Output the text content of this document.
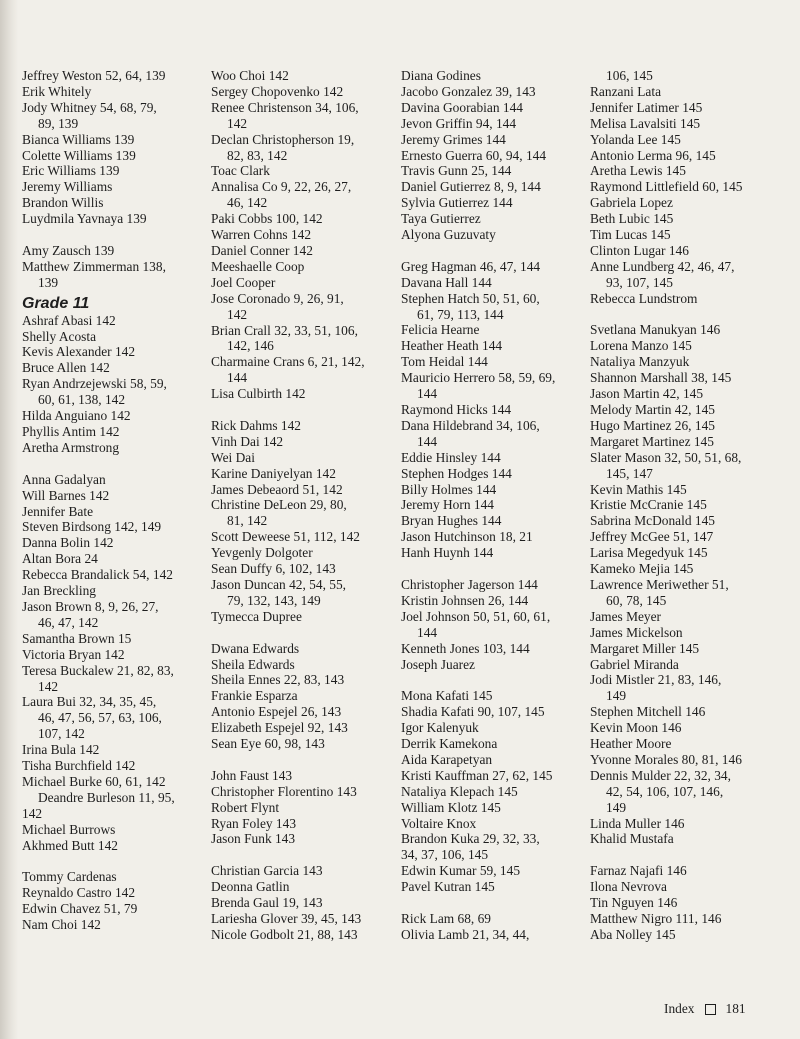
Jeffrey Weston 52, 64, 139
Erik Whitely
Jody Whitney 54, 68, 79,
89, 139
Bianca Williams 139
Colette Williams 139
Eric Williams 139
Jeremy Williams
Brandon Willis
Luydmila Yavnaya 139
Amy Zausch 139
Matthew Zimmerman 138,
139
Grade 11
Ashraf Abasi 142
Shelly Acosta
Kevis Alexander 142
Bruce Allen 142
Ryan Andrzejewski 58, 59,
60, 61, 138, 142
Hilda Anguiano 142
Phyllis Antim 142
Aretha Armstrong
Anna Gadalyan
Will Barnes 142
Jennifer Bate
Steven Birdsong 142, 149
Danna Bolin 142
Altan Bora 24
Rebecca Brandalick 54, 142
Jan Breckling
Jason Brown 8, 9, 26, 27,
46, 47, 142
Samantha Brown 15
Victoria Bryan 142
Teresa Buckalew 21, 82, 83,
142
Laura Bui 32, 34, 35, 45,
46, 47, 56, 57, 63, 106,
107, 142
Irina Bula 142
Tisha Burchfield 142
Michael Burke 60, 61, 142
Deandre Burleson 11, 95,
142
Michael Burrows
Akhmed Butt 142
Tommy Cardenas
Reynaldo Castro 142
Edwin Chavez 51, 79
Nam Choi 142
Woo Choi 142
Sergey Chopovenko 142
Renee Christenson 34, 106,
142
Declan Christopherson 19,
82, 83, 142
Toac Clark
Annalisa Co 9, 22, 26, 27,
46, 142
Paki Cobbs 100, 142
Warren Cohns 142
Daniel Conner 142
Meeshaelle Coop
Joel Cooper
Jose Coronado 9, 26, 91,
142
Brian Crall 32, 33, 51, 106,
142, 146
Charmaine Crans 6, 21, 142,
144
Lisa Culbirth 142
Rick Dahms 142
Vinh Dai 142
Wei Dai
Karine Daniyelyan 142
James Debeaord 51, 142
Christine DeLeon 29, 80,
81, 142
Scott Deweese 51, 112, 142
Yevgenly Dolgoter
Sean Duffy 6, 102, 143
Jason Duncan 42, 54, 55,
79, 132, 143, 149
Tymecca Dupree
Dwana Edwards
Sheila Edwards
Sheila Ennes 22, 83, 143
Frankie Esparza
Antonio Espejel 26, 143
Elizabeth Espejel 92, 143
Sean Eye 60, 98, 143
John Faust 143
Christopher Florentino 143
Robert Flynt
Ryan Foley 143
Jason Funk 143
Christian Garcia 143
Deonna Gatlin
Brenda Gaul 19, 143
Lariesha Glover 39, 45, 143
Nicole Godbolt 21, 88, 143
Diana Godines
Jacobo Gonzalez 39, 143
Davina Goorabian 144
Jevon Griffin 94, 144
Jeremy Grimes 144
Ernesto Guerra 60, 94, 144
Travis Gunn 25, 144
Daniel Gutierrez 8, 9, 144
Sylvia Gutierrez 144
Taya Gutierrez
Alyona Guzuvaty
Greg Hagman 46, 47, 144
Davana Hall 144
Stephen Hatch 50, 51, 60,
61, 79, 113, 144
Felicia Hearne
Heather Heath 144
Tom Heidal 144
Mauricio Herrero 58, 59, 69,
144
Raymond Hicks 144
Dana Hildebrand 34, 106,
144
Eddie Hinsley 144
Stephen Hodges 144
Billy Holmes 144
Jeremy Horn 144
Bryan Hughes 144
Jason Hutchinson 18, 21
Hanh Huynh 144
Christopher Jagerson 144
Kristin Johnsen 26, 144
Joel Johnson 50, 51, 60, 61,
144
Kenneth Jones 103, 144
Joseph Juarez
Mona Kafati 145
Shadia Kafati 90, 107, 145
Igor Kalenyuk
Derrik Kamekona
Aida Karapetyan
Kristi Kauffman 27, 62, 145
Nataliya Klepach 145
William Klotz 145
Voltaire Knox
Brandon Kuka 29, 32, 33,
34, 37, 106, 145
Edwin Kumar 59, 145
Pavel Kutran 145
Rick Lam 68, 69
Olivia Lamb 21, 34, 44,
106, 145
Ranzani Lata
Jennifer Latimer 145
Melisa Lavalsiti 145
Yolanda Lee 145
Antonio Lerma 96, 145
Aretha Lewis 145
Raymond Littlefield 60, 145
Gabriela Lopez
Beth Lubic 145
Tim Lucas 145
Clinton Lugar 146
Anne Lundberg 42, 46, 47,
93, 107, 145
Rebecca Lundstrom
Svetlana Manukyan 146
Lorena Manzo 145
Nataliya Manzyuk
Shannon Marshall 38, 145
Jason Martin 42, 145
Melody Martin 42, 145
Hugo Martinez 26, 145
Margaret Martinez 145
Slater Mason 32, 50, 51, 68,
145, 147
Kevin Mathis 145
Kristie McCranie 145
Sabrina McDonald 145
Jeffrey McGee 51, 147
Larisa Megedyuk 145
Kameko Mejia 145
Lawrence Meriwether 51,
60, 78, 145
James Meyer
James Mickelson
Margaret Miller 145
Gabriel Miranda
Jodi Mistler 21, 83, 146,
149
Stephen Mitchell 146
Kevin Moon 146
Heather Moore
Yvonne Morales 80, 81, 146
Dennis Mulder 22, 32, 34,
42, 54, 106, 107, 146,
149
Linda Muller 146
Khalid Mustafa
Farnaz Najafi 146
Ilona Nevrova
Tin Nguyen 146
Matthew Nigro 111, 146
Aba Nolley 145
Index 181
